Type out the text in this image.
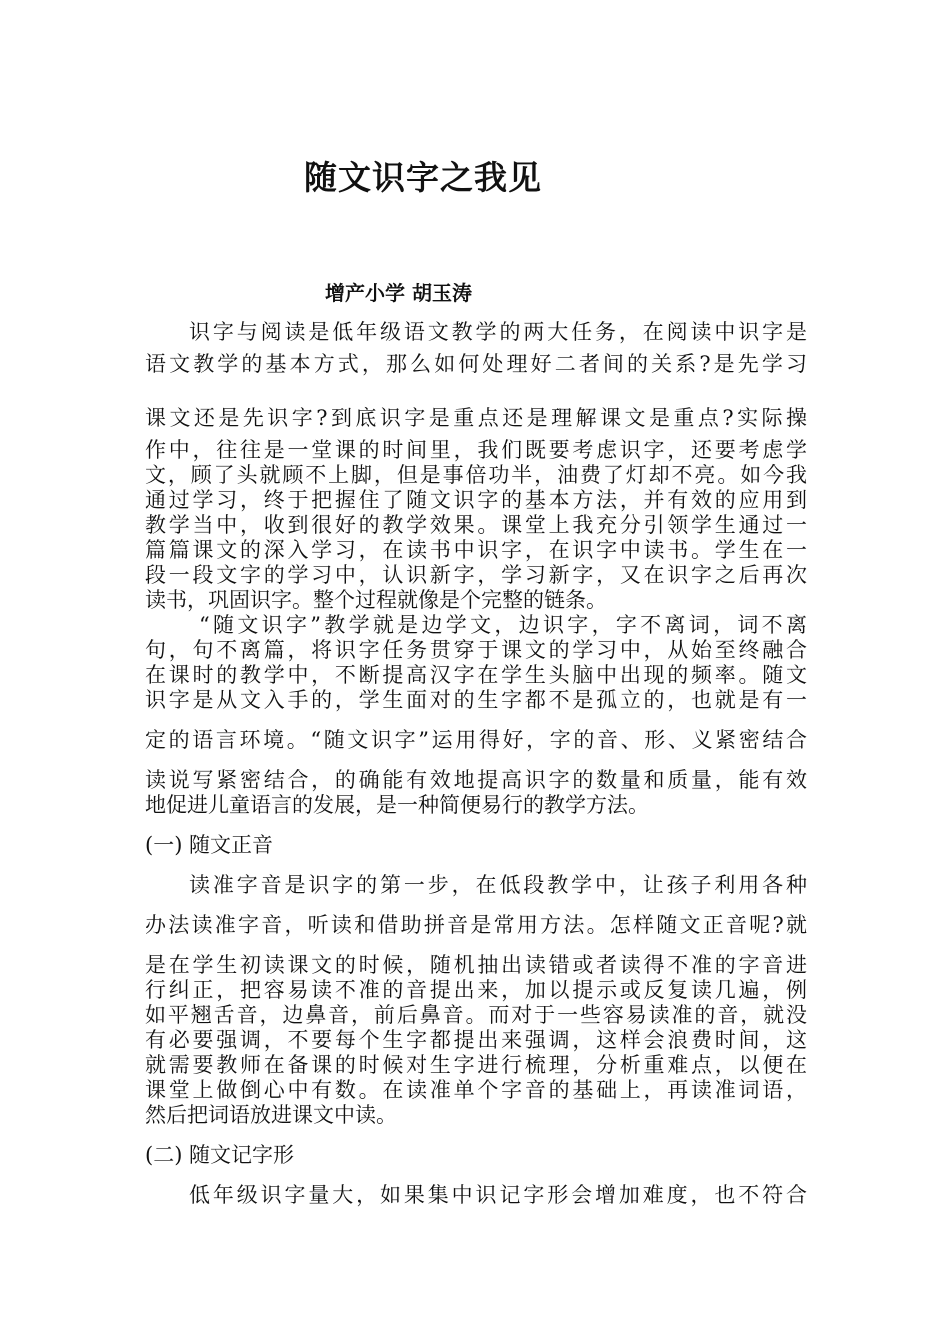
随文识字之我见

增产小学 胡玉涛

识字与阅读是低年级语文教学的两大任务，在阅读中识字是

语文教学的基本方式，那么如何处理好二者间的关系?是先学习

课文还是先识字?到底识字是重点还是理解课文是重点?实际操

作中，往往是一堂课的时间里，我们既要考虑识字，还要考虑学

文，顾了头就顾不上脚，但是事倍功半，油费了灯却不亮。如今我

通过学习，终于把握住了随文识字的基本方法，并有效的应用到

教学当中，收到很好的教学效果。课堂上我充分引领学生通过一

篇篇课文的深入学习，在读书中识字，在识字中读书。学生在一

段一段文字的学习中，认识新字，学习新字，又在识字之后再次

读书，巩固识字。整个过程就像是个完整的链条。

“随文识字”教学就是边学文，边识字，字不离词，词不离

句，句不离篇，将识字任务贯穿于课文的学习中，从始至终融合

在课时的教学中，不断提高汉字在学生头脑中出现的频率。随文

识字是从文入手的，学生面对的生字都不是孤立的，也就是有一

定的语言环境。“随文识字”运用得好，字的音、形、义紧密结合

读说写紧密结合，的确能有效地提高识字的数量和质量，能有效

地促进儿童语言的发展，是一种简便易行的教学方法。

(一) 随文正音

读准字音是识字的第一步，在低段教学中，让孩子利用各种

办法读准字音，听读和借助拼音是常用方法。怎样随文正音呢?就

是在学生初读课文的时候，随机抽出读错或者读得不准的字音进

行纠正，把容易读不准的音提出来，加以提示或反复读几遍，例

如平翘舌音，边鼻音，前后鼻音。而对于一些容易读准的音，就没

有必要强调，不要每个生字都提出来强调，这样会浪费时间，这

就需要教师在备课的时候对生字进行梳理，分析重难点，以便在

课堂上做倒心中有数。在读准单个字音的基础上，再读准词语，

然后把词语放进课文中读。

(二) 随文记字形

低年级识字量大，如果集中识记字形会增加难度，也不符合
